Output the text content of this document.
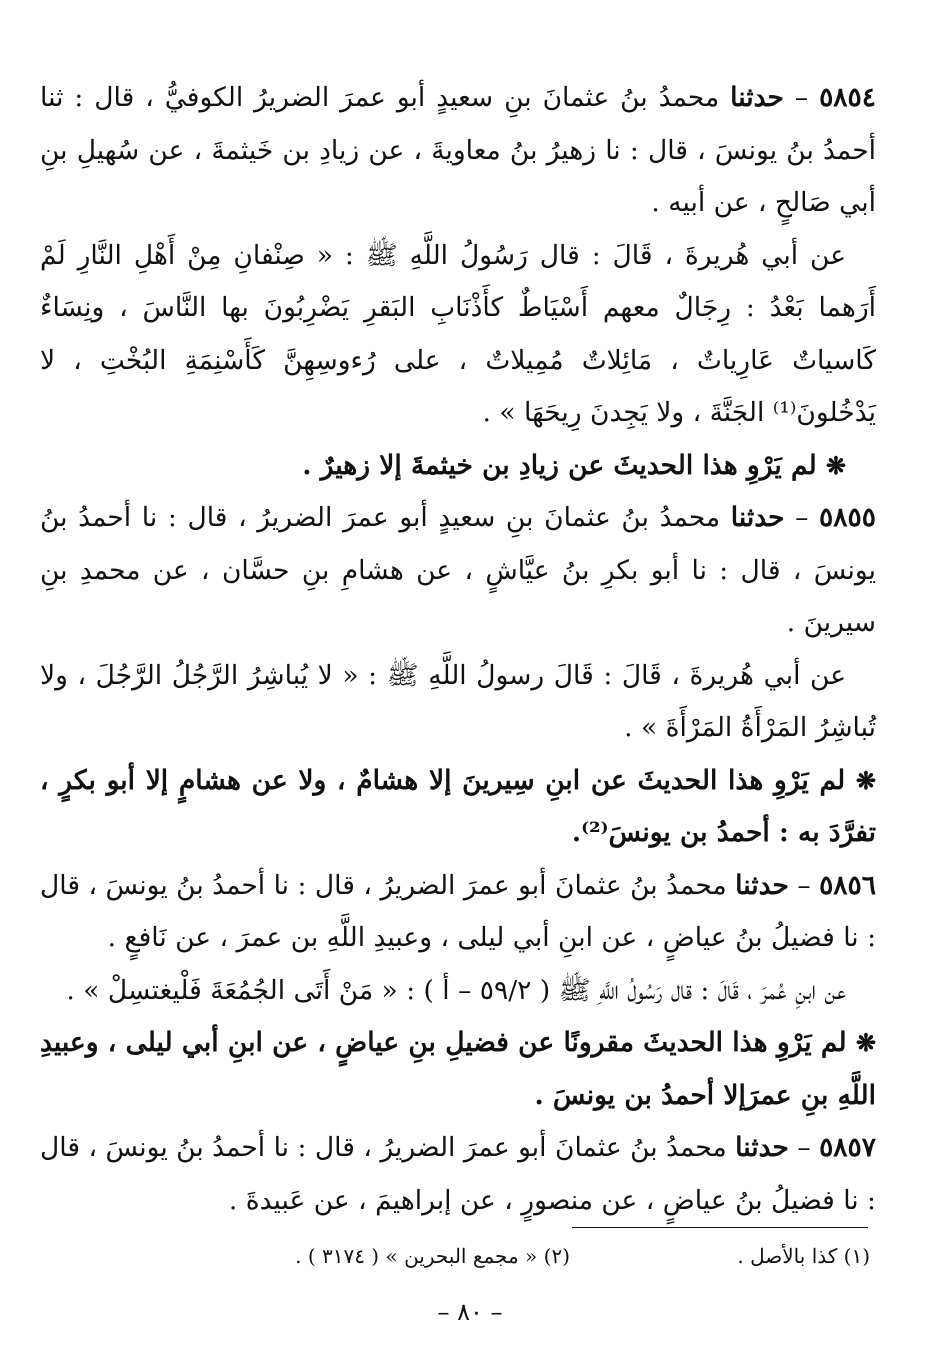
٥٨٥٤ – حدثنا محمدُ بنُ عثمانَ بنِ سعيدٍ أبو عمرَ الضريرُ الكوفيُّ ، قال : ثنا أحمدُ بنُ يونسَ ، قال : نا زهيرُ بنُ معاويةَ ، عن زيادِ بن خَيثمةَ ، عن سُهيلِ بنِ أبي صَالحٍ ، عن أبيه .

عن أبي هُريرةَ ، قَالَ : قال رَسُولُ اللَّهِ ﷺ : « صِنْفانِ مِنْ أَهْلِ النَّارِ لَمْ أَرَهما بَعْدُ : رِجَالٌ معهم أَسْيَاطٌ كأَذْنَابِ البَقرِ يَضْرِبُونَ بها النَّاسَ ، ونِسَاءٌ كَاسياتٌ عَارِياتٌ ، مَائِلاتٌ مُمِيلاتٌ ، على رُءوسِهِنَّ كَأَسْنِمَةِ البُخْتِ ، لا يَدْخُلونَ⁽¹⁾ الجَنَّةَ ، ولا يَجِدنَ رِيحَهَا » .

❋ لم يَرْوِ هذا الحديثَ عن زيادِ بن خيثمةَ إلا زهيرٌ .

٥٨٥٥ – حدثنا محمدُ بنُ عثمانَ بنِ سعيدٍ أبو عمرَ الضريرُ ، قال : نا أحمدُ بنُ يونسَ ، قال : نا أبو بكرِ بنُ عيَّاشٍ ، عن هشامِ بنِ حسَّان ، عن محمدِ بنِ سيرينَ .

عن أبي هُريرةَ ، قَالَ : قَالَ رسولُ اللَّهِ ﷺ : « لا يُباشِرُ الرَّجُلُ الرَّجُلَ ، ولا تُباشِرُ المَرْأَةُ المَرْأَةَ » .

❋ لم يَرْوِ هذا الحديثَ عن ابنِ سِيرينَ إلا هشامٌ ، ولا عن هشامٍ إلا أبو بكرٍ ، تفرَّدَ به : أحمدُ بن يونسَ⁽²⁾.

٥٨٥٦ – حدثنا محمدُ بنُ عثمانَ أبو عمرَ الضريرُ ، قال : نا أحمدُ بنُ يونسَ ، قال : نا فضيلُ بنُ عياضٍ ، عن ابنِ أبي ليلى ، وعبيدِ اللَّهِ بن عمرَ ، عن نَافعٍ .

عن ابنِ عُمرَ ، قَالَ : قال رَسُولُ اللَّهِ ﷺ ( ٥٩/٢ – أ ) : « مَنْ أَتَى الجُمُعَةَ فَلْيغتسِلْ » .

❋ لم يَرْوِ هذا الحديثَ مقرونًا عن فضيلِ بنِ عياضٍ ، عن ابنِ أبي ليلى ، وعبيدِ اللَّهِ بنِ عمرَإلا أحمدُ بن يونسَ .

٥٨٥٧ – حدثنا محمدُ بنُ عثمانَ أبو عمرَ الضريرُ ، قال : نا أحمدُ بنُ يونسَ ، قال : نا فضيلُ بنُ عياضٍ ، عن منصورٍ ، عن إبراهيمَ ، عن عَبيدةَ .

(١) كذا بالأصل .
(٢) « مجمع البحرين » ( ٣١٧٤ ) .
– ٨٠ –
